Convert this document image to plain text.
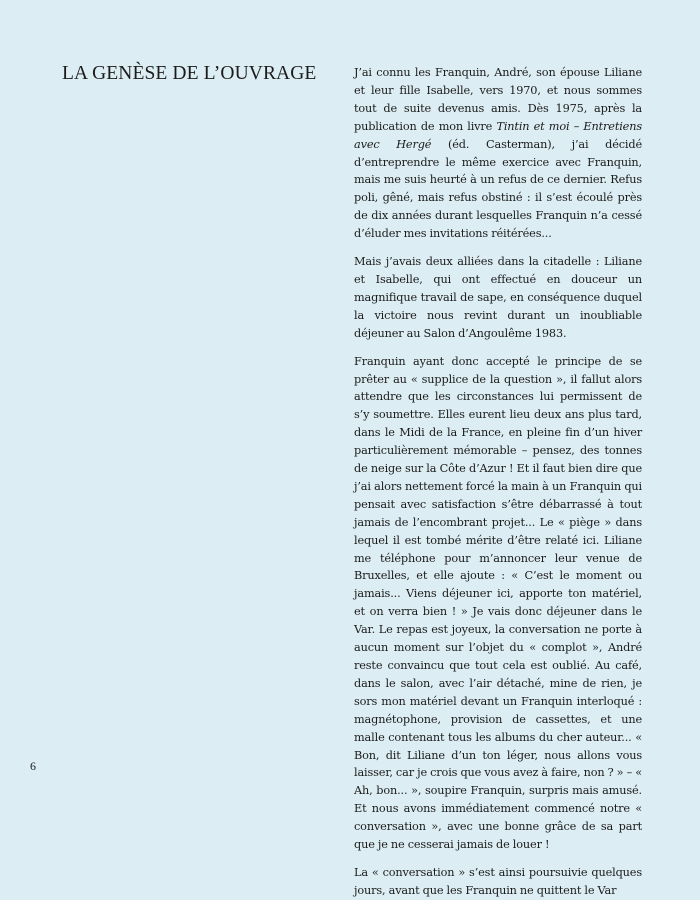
LA GENÈSE DE L’OUVRAGE	J’ai connu les Franquin, André, son épouse Liliane et leur fille Isabelle, vers 1970, et nous sommes tout de suite devenus amis. Dès 1975, après la publication de mon livre Tintin et moi – Entretiens avec Hergé (éd. Casterman), j’ai décidé d’entreprendre le même exercice avec Franquin, mais me suis heurté à un refus de ce dernier. Refus poli, gêné, mais refus obstiné : il s’est écoulé près de dix années durant lesquelles Franquin n’a cessé d’éluder mes invitations réitérées...

Mais j’avais deux alliées dans la citadelle : Liliane et Isabelle, qui ont effectué en douceur un magnifique travail de sape, en conséquence duquel la victoire nous revint durant un inoubliable déjeuner au Salon d’Angoulême 1983.

Franquin ayant donc accepté le principe de se prêter au « supplice de la question », il fallut alors attendre que les circonstances lui permissent de s’y soumettre. Elles eurent lieu deux ans plus tard, dans le Midi de la France, en pleine fin d’un hiver particulièrement mémorable – pensez, des tonnes de neige sur la Côte d’Azur ! Et il faut bien dire que j’ai alors nettement forcé la main à un Franquin qui pensait avec satisfaction s’être débarrassé à tout jamais de l’encombrant projet... Le « piège » dans lequel il est tombé mérite d’être relaté ici. Liliane me téléphone pour m’annoncer leur venue de Bruxelles, et elle ajoute : « C’est le moment ou jamais... Viens déjeuner ici, apporte ton matériel, et on verra bien ! » Je vais donc déjeuner dans le Var. Le repas est joyeux, la conversation ne porte à aucun moment sur l’objet du « complot », André reste convaincu que tout cela est oublié. Au café, dans le salon, avec l’air détaché, mine de rien, je sors mon matériel devant un Franquin interloqué : magnétophone, provision de cassettes, et une malle contenant tous les albums du cher auteur... « Bon, dit Liliane d’un ton léger, nous allons vous laisser, car je crois que vous avez à faire, non ? » – « Ah, bon... », soupire Franquin, surpris mais amusé. Et nous avons immédiatement commencé notre « conversation », avec une bonne grâce de sa part que je ne cesserai jamais de louer !

La « conversation » s’est ainsi poursuivie quelques jours, avant que les Franquin ne quittent le Var

6
